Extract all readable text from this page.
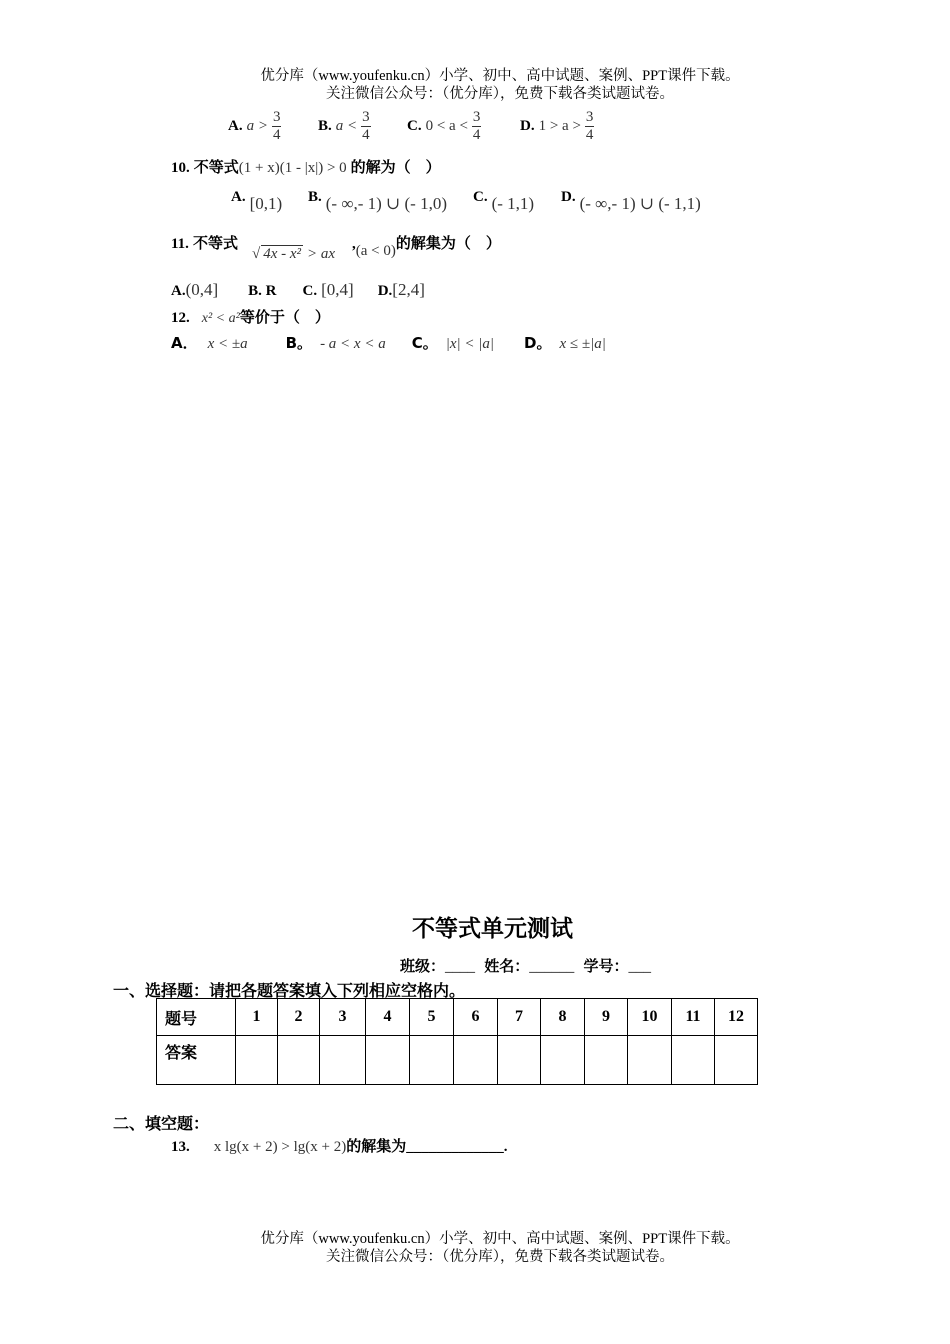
优分库（www.youfenku.cn）小学、初中、高中试题、案例、PPT课件下载。
关注微信公众号：（优分库），免费下载各类试题试卷。
A. $a > \frac{3}{4} B$. $a < \frac{3}{4} C$. $0 < a < \frac{3}{4}$	D. $1 > a > \frac{3}{4}$
10. 不等式(1 + x)(1 - |x|) > 0 的解为（　）
A. [0,1) B. (- ∞,- 1) ∪ (- 1,0) C. (- 1,1) D. (- ∞,- 1) ∪ (- 1,1)
11. 不等式
√ 4x - x² > ax
,(a < 0)的解集为（　）
A.(0,4] B. R C. [0,4] D.[2,4]
12. x² < a²等价于（　）
A． x < ±a	B。 - a < x < a C。 |x| < |a| D。 x ≤ ±|a|
不等式单元测试
班级：____ 姓名：______ 学号：___
一、选择题：请把各题答案填入下列相应空格内。
题号	1	2	3	4	5	6	7	8	9	10	11	12
答案												
二、填空题：
13. x lg(x + 2) > lg(x + 2)的解集为_____________.
优分库（www.youfenku.cn）小学、初中、高中试题、案例、PPT课件下载。
关注微信公众号：（优分库），免费下载各类试题试卷。
